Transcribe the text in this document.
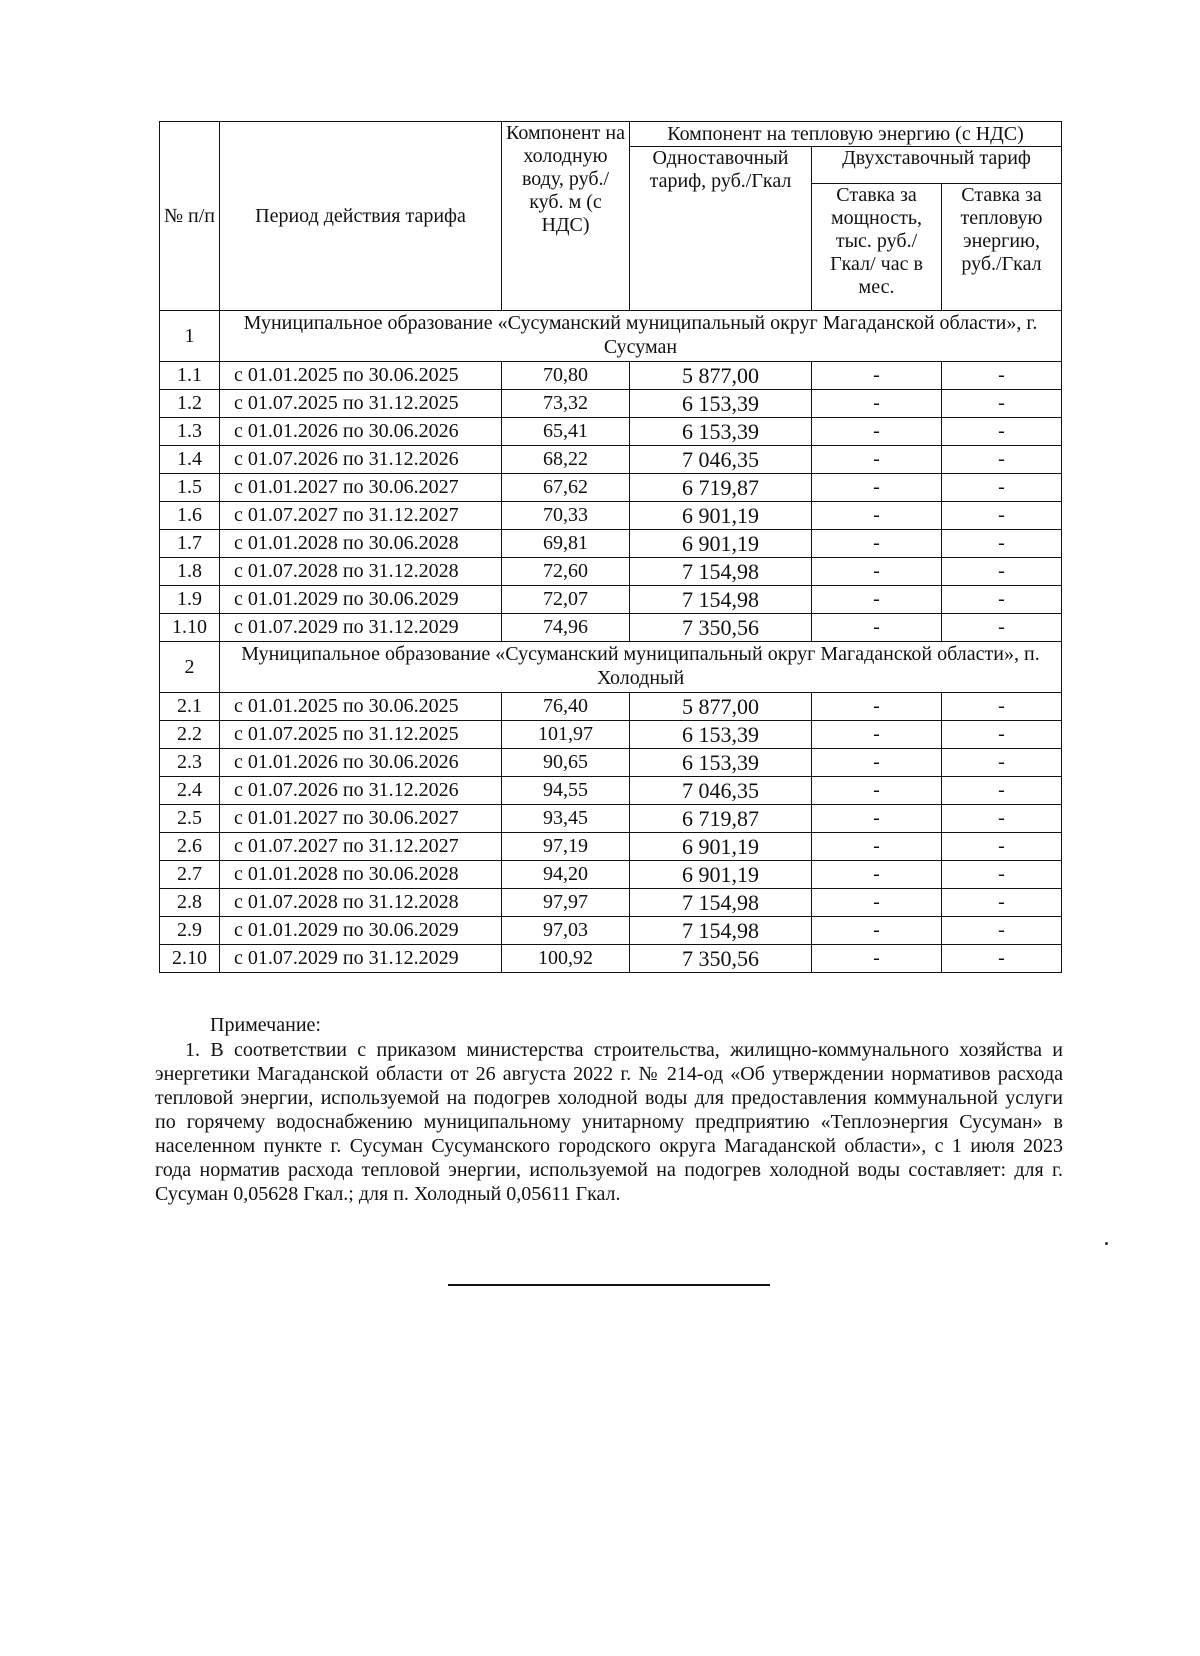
№ п/п	Период действия тарифа	Компонент на холодную воду, руб./куб. м (с НДС)	Компонент на тепловую энергию (с НДС)		
			Одноставочный тариф, руб./Гкал	Двухставочный тариф	
				Ставка за мощность, тыс. руб./Гкал/ час в мес.	Ставка за тепловую энергию, руб./Гкал
1	Муниципальное образование «Сусуманский муниципальный округ Магаданской области», г. Сусуман				
1.1	с 01.01.2025 по 30.06.2025	70,80	5 877,00	-	-
1.2	с 01.07.2025 по 31.12.2025	73,32	6 153,39	-	-
1.3	с 01.01.2026 по 30.06.2026	65,41	6 153,39	-	-
1.4	с 01.07.2026 по 31.12.2026	68,22	7 046,35	-	-
1.5	с 01.01.2027 по 30.06.2027	67,62	6 719,87	-	-
1.6	с 01.07.2027 по 31.12.2027	70,33	6 901,19	-	-
1.7	с 01.01.2028 по 30.06.2028	69,81	6 901,19	-	-
1.8	с 01.07.2028 по 31.12.2028	72,60	7 154,98	-	-
1.9	с 01.01.2029 по 30.06.2029	72,07	7 154,98	-	-
1.10	с 01.07.2029 по 31.12.2029	74,96	7 350,56	-	-
2	Муниципальное образование «Сусуманский муниципальный округ Магаданской области», п. Холодный				
2.1	с 01.01.2025 по 30.06.2025	76,40	5 877,00	-	-
2.2	с 01.07.2025 по 31.12.2025	101,97	6 153,39	-	-
2.3	с 01.01.2026 по 30.06.2026	90,65	6 153,39	-	-
2.4	с 01.07.2026 по 31.12.2026	94,55	7 046,35	-	-
2.5	с 01.01.2027 по 30.06.2027	93,45	6 719,87	-	-
2.6	с 01.07.2027 по 31.12.2027	97,19	6 901,19	-	-
2.7	с 01.01.2028 по 30.06.2028	94,20	6 901,19	-	-
2.8	с 01.07.2028 по 31.12.2028	97,97	7 154,98	-	-
2.9	с 01.01.2029 по 30.06.2029	97,03	7 154,98	-	-
2.10	с 01.07.2029 по 31.12.2029	100,92	7 350,56	-	-
Примечание:
1. В соответствии с приказом министерства строительства, жилищно-коммунального хозяйства и энергетики Магаданской области от 26 августа 2022 г. № 214-од «Об утверждении нормативов расхода тепловой энергии, используемой на подогрев холодной воды для предоставления коммунальной услуги по горячему водоснабжению муниципальному унитарному предприятию «Теплоэнергия Сусуман» в населенном пункте г. Сусуман Сусуманского городского округа Магаданской области», с 1 июля 2023 года норматив расхода тепловой энергии, используемой на подогрев холодной воды составляет: для г. Сусуман 0,05628 Гкал.; для п. Холодный 0,05611 Гкал.
